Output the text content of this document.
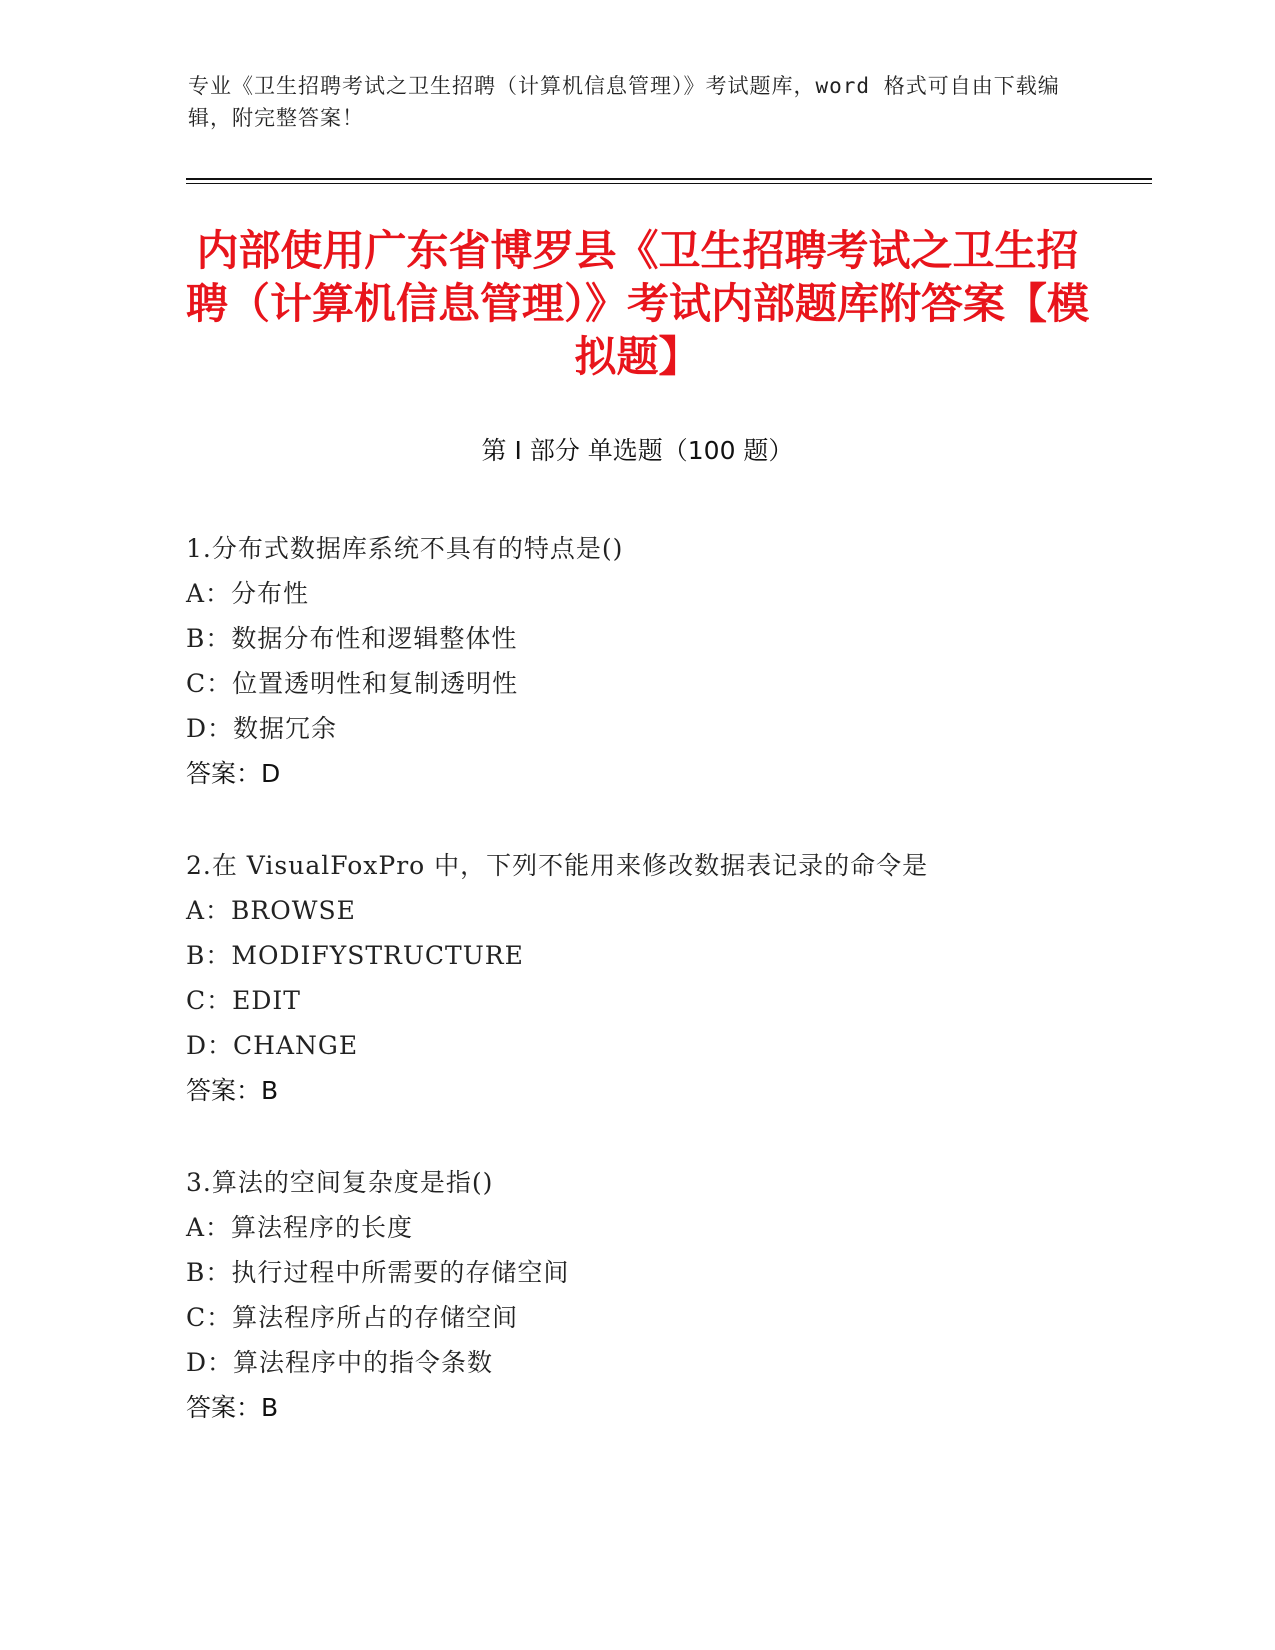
专业《卫生招聘考试之卫生招聘（计算机信息管理）》考试题库，word 格式可自由下载编辑，附完整答案！
内部使用广东省博罗县《卫生招聘考试之卫生招聘（计算机信息管理）》考试内部题库附答案【模拟题】
第 I 部分 单选题（100 题）
1.分布式数据库系统不具有的特点是()
A：分布性
B：数据分布性和逻辑整体性
C：位置透明性和复制透明性
D：数据冗余
答案：D
2.在 VisualFoxPro 中，下列不能用来修改数据表记录的命令是
A：BROWSE
B：MODIFYSTRUCTURE
C：EDIT
D：CHANGE
答案：B
3.算法的空间复杂度是指()
A：算法程序的长度
B：执行过程中所需要的存储空间
C：算法程序所占的存储空间
D：算法程序中的指令条数
答案：B
